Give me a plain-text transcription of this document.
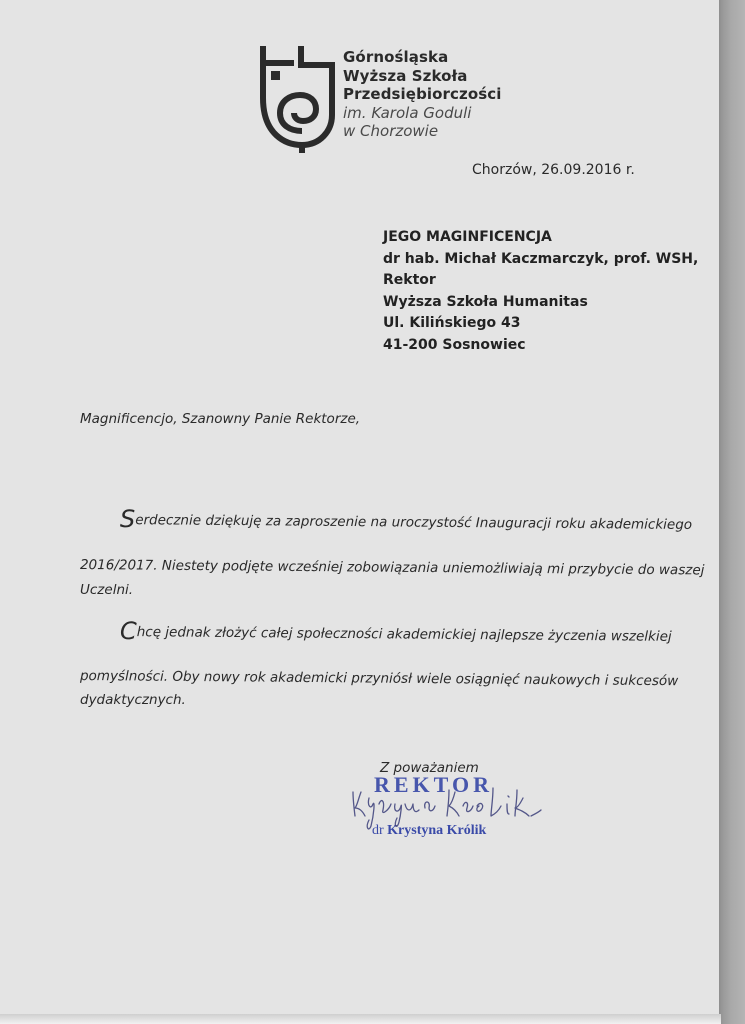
Górnośląska
Wyższa Szkoła
Przedsiębiorczości
im. Karola Goduli
w Chorzowie
Chorzów, 26.09.2016 r.
JEGO MAGINFICENCJA
dr hab. Michał Kaczmarczyk, prof. WSH,
Rektor
Wyższa Szkoła Humanitas
Ul. Kilińskiego 43
41-200 Sosnowiec
Magnificencjo, Szanowny Panie Rektorze,
Serdecznie dziękuję za zaproszenie na uroczystość Inauguracji roku akademickiego
2016/2017. Niestety podjęte wcześniej zobowiązania uniemożliwiają mi przybycie do waszej
Uczelni.
Chcę jednak złożyć całej społeczności akademickiej najlepsze życzenia wszelkiej
pomyślności. Oby nowy rok akademicki przyniósł wiele osiągnięć naukowych i sukcesów
dydaktycznych.
Z poważaniem
REKTOR
dr Krystyna Królik
